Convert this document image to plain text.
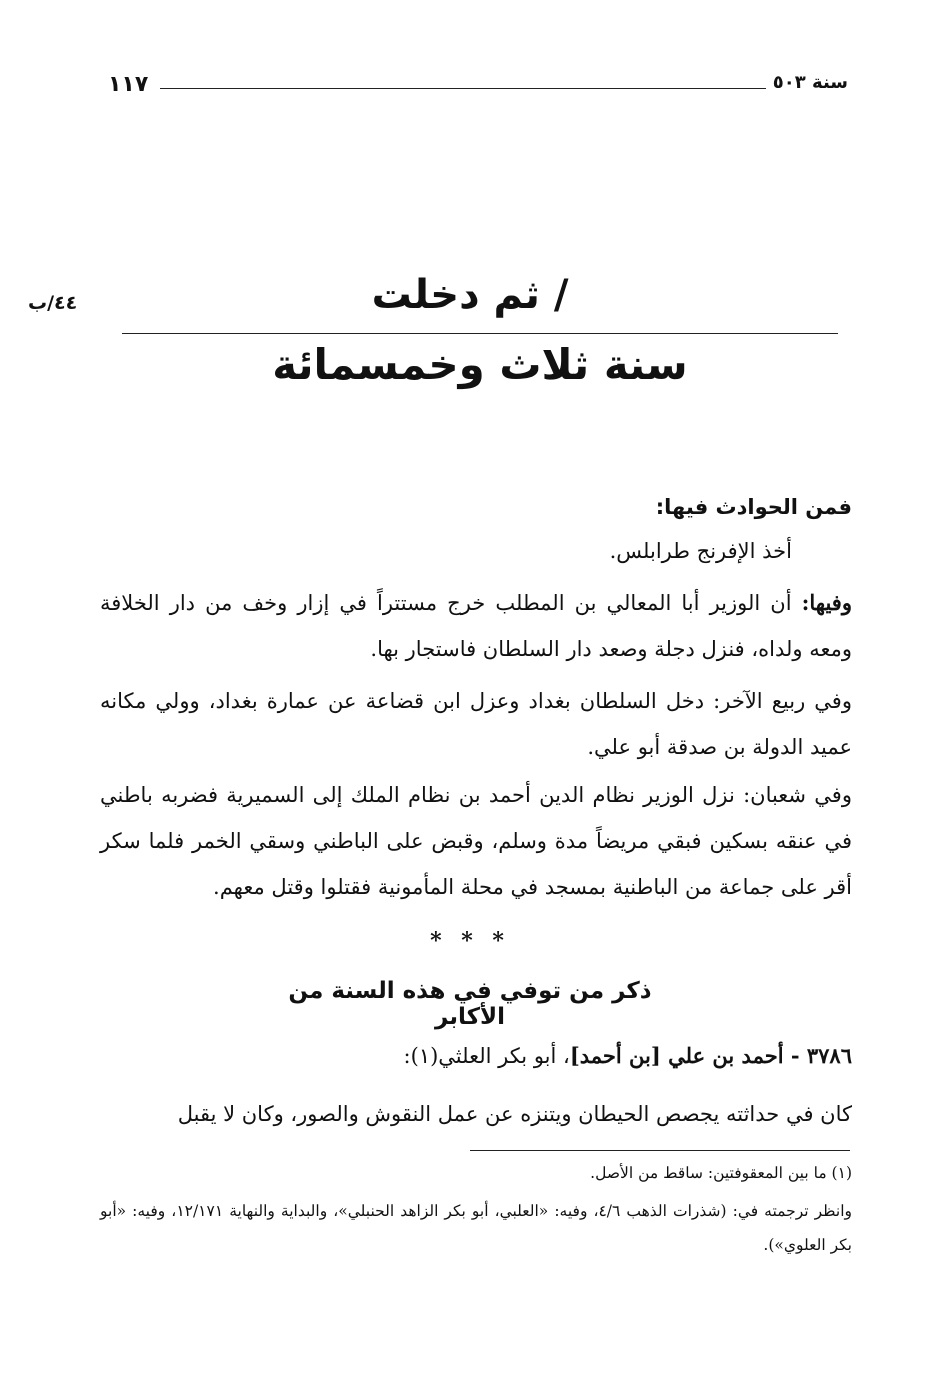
١١٧	سنة ٥٠٣
٤٤/ب	/ ثم دخلت
سنة ثلاث وخمسمائة
فمن الحوادث فيها:
أخذ الإفرنج طرابلس.
وفيها: أن الوزير أبا المعالي بن المطلب خرج مستتراً في إزار وخف من دار الخلافة ومعه ولداه، فنزل دجلة وصعد دار السلطان فاستجار بها.
وفي ربيع الآخر: دخل السلطان بغداد وعزل ابن قضاعة عن عمارة بغداد، وولي مكانه عميد الدولة بن صدقة أبو علي.
وفي شعبان: نزل الوزير نظام الدين أحمد بن نظام الملك إلى السميرية فضربه باطني في عنقه بسكين فبقي مريضاً مدة وسلم، وقبض على الباطني وسقي الخمر فلما سكر أقر على جماعة من الباطنية بمسجد في محلة المأمونية فقتلوا وقتل معهم.
* * *
ذكر من توفي في هذه السنة من الأكابر
٣٧٨٦ - أحمد بن علي [بن أحمد]، أبو بكر العلثي(١):
كان في حداثته يجصص الحيطان ويتنزه عن عمل النقوش والصور، وكان لا يقبل
(١) ما بين المعقوفتين: ساقط من الأصل.
وانظر ترجمته في: (شذرات الذهب ٤/٦، وفيه: «العلبي، أبو بكر الزاهد الحنبلي»، والبداية والنهاية ١٢/١٧١، وفيه: «أبو بكر العلوي»).
